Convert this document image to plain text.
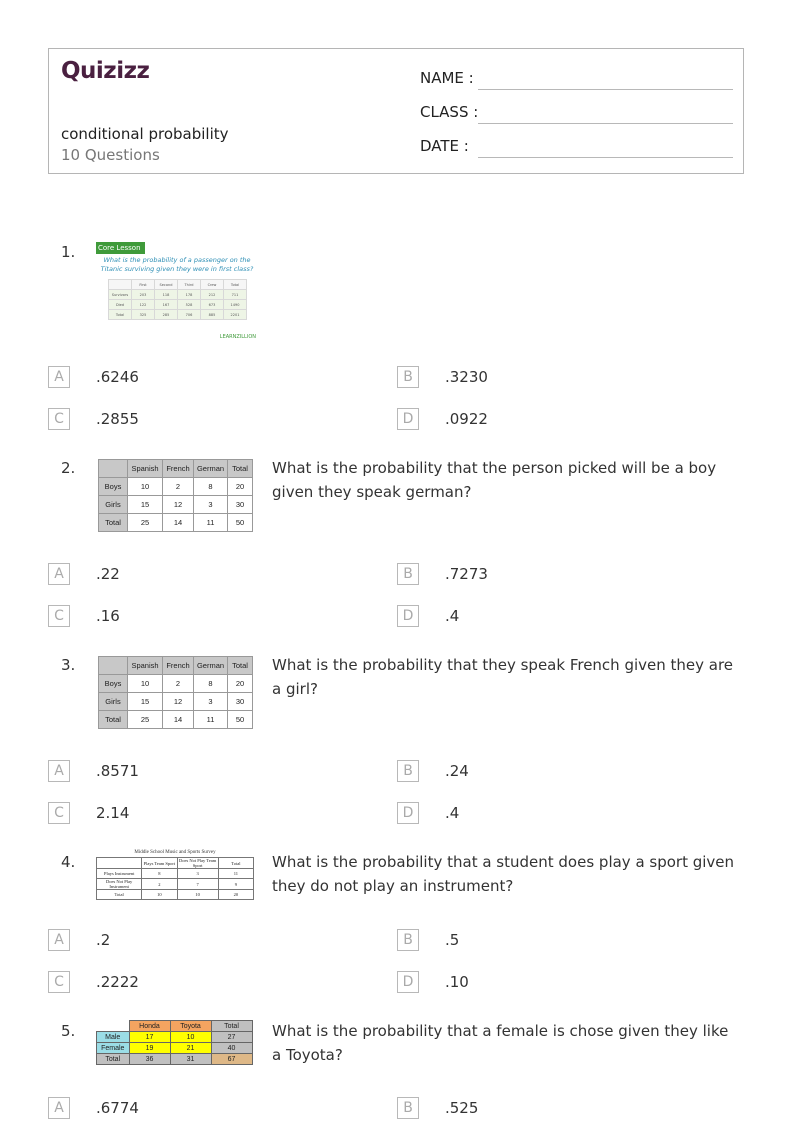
Quizizz
conditional probability
10 Questions
NAME :
CLASS :
DATE :
1.	Core Lesson
What is the probability of a passenger on the Titanic surviving given they were in first class?
	First	Second	Third	Crew	Total
Survivors	203	118	178	212	711
Died	122	167	528	673	1490
Total	325	285	706	885	2201
LEARNZILLION
A	.6246	B	.3230
C	.2855	D	.0922
2.
		Spanish	French	German	Total
Boys	10	2	8	20
Girls	15	12	3	30
Total	25	14	11	50
What is the probability that the person picked will be a boy given they speak german?
A	.22	B	.7273
C	.16	D	.4
3.
		Spanish	French	German	Total
Boys	10	2	8	20
Girls	15	12	3	30
Total	25	14	11	50
What is the probability that they speak French given they are a girl?
A	.8571	B	.24
C	2.14	D	.4
4.
Middle School Music and Sports Survey
	Plays Team Sport	Does Not Play Team Sport	Total
Plays Instrument	8	3	11
Does Not Play Instrument	2	7	9
Total	10	10	20
What is the probability that a student does play a sport given they do not play an instrument?
A	.2	B	.5
C	.2222	D	.10
5.
		Honda	Toyota	Total
Male	17	10	27
Female	19	21	40
Total	36	31	67
What is the probability that a female is chose given they like a Toyota?
A	.6774	B	.525
